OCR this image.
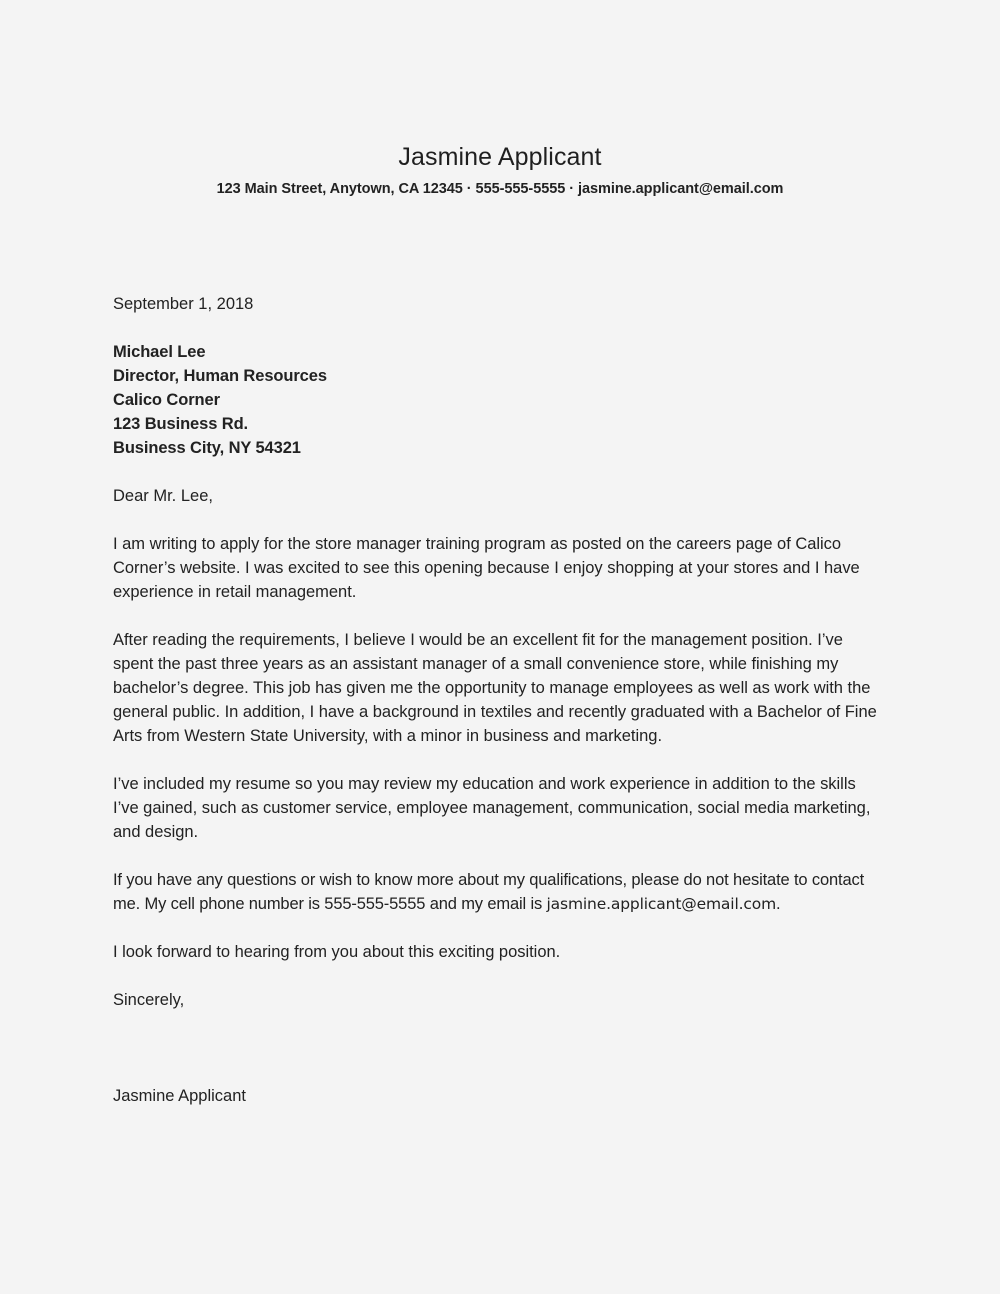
Jasmine Applicant
123 Main Street, Anytown, CA 12345 · 555-555-5555 · jasmine.applicant@email.com
September 1, 2018
Michael Lee
Director, Human Resources
Calico Corner
123 Business Rd.
Business City, NY 54321
Dear Mr. Lee,

I am writing to apply for the store manager training program as posted on the careers page of Calico Corner’s website. I was excited to see this opening because I enjoy shopping at your stores and I have experience in retail management.

After reading the requirements, I believe I would be an excellent fit for the management position. I’ve spent the past three years as an assistant manager of a small convenience store, while finishing my bachelor’s degree. This job has given me the opportunity to manage employees as well as work with the general public. In addition, I have a background in textiles and recently graduated with a Bachelor of Fine Arts from Western State University, with a minor in business and marketing.

I’ve included my resume so you may review my education and work experience in addition to the skills I’ve gained, such as customer service, employee management, communication, social media marketing, and design.

If you have any questions or wish to know more about my qualifications, please do not hesitate to contact me. My cell phone number is 555-555-5555 and my email is jasmine.applicant@email.com.

I look forward to hearing from you about this exciting position.

Sincerely,
Jasmine Applicant
